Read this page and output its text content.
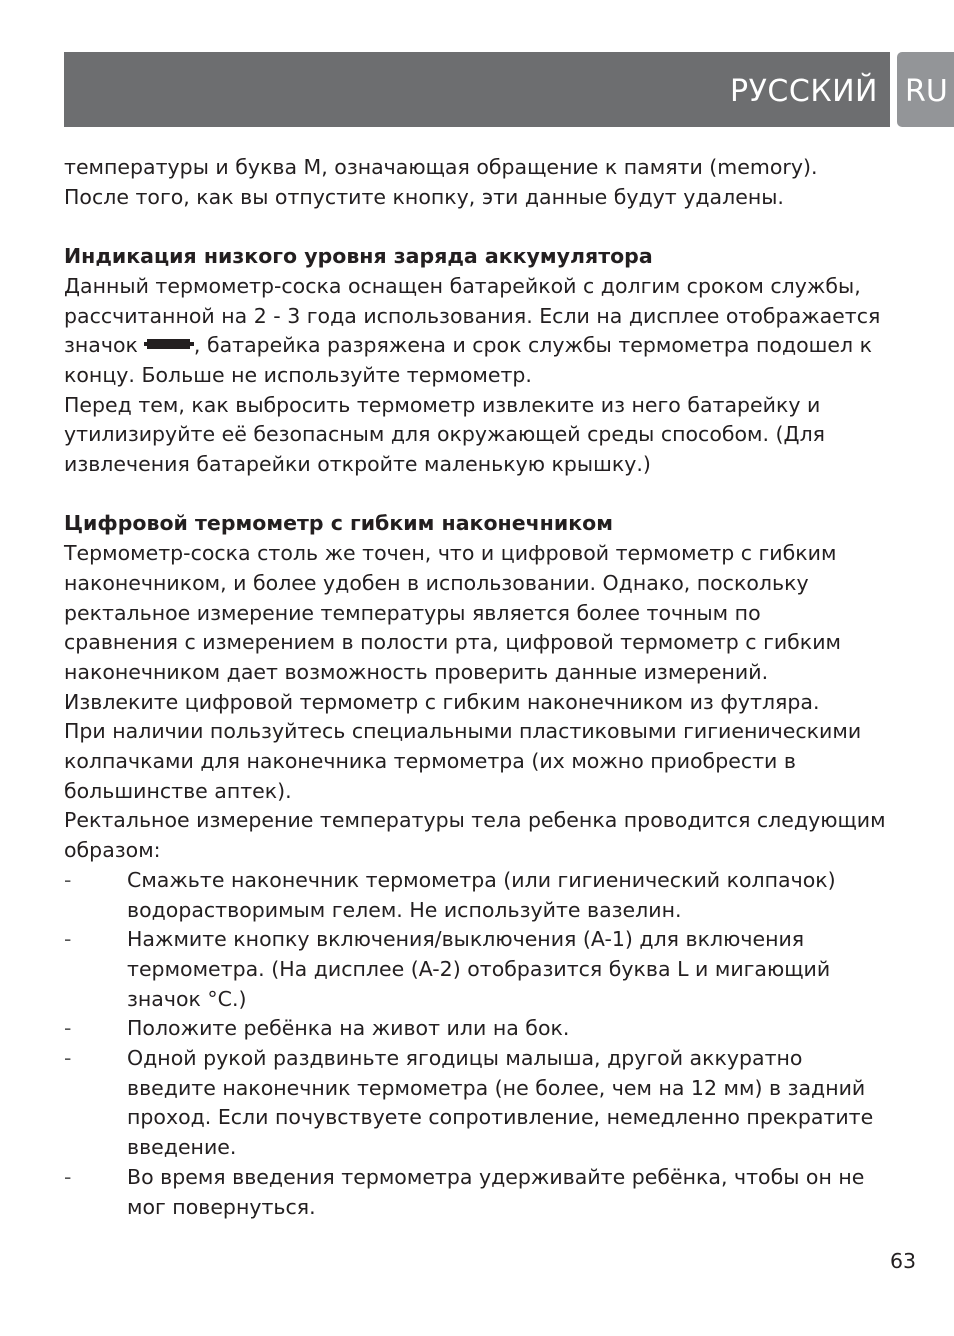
РУССКИЙ RU

температуры и буква M, означающая обращение к памяти (memory).

После того, как вы отпустите кнопку, эти данные будут удалены.

Индикация низкого уровня заряда аккумулятора

Данный термометр-соска оснащен батарейкой с долгим сроком службы,

рассчитанной на 2 - 3 года использования. Если на дисплее отображается

значок	, батарейка разряжена и срок службы термометра подошел к

концу. Больше не используйте термометр.

Перед тем, как выбросить термометр извлеките из него батарейку и

утилизируйте её безопасным для окружающей среды способом. (Для

извлечения батарейки откройте маленькую крышку.)

Цифровой термометр с гибким наконечником

Термометр-соска столь же точен, что и цифровой термометр с гибким

наконечником, и более удобен в использовании. Однако, поскольку

ректальное измерение температуры является более точным по

сравнения с измерением в полости рта, цифровой термометр с гибким

наконечником дает возможность проверить данные измерений.

Извлеките цифровой термометр с гибким наконечником из футляра.

При наличии пользуйтесь специальными пластиковыми гигиеническими

колпачками для наконечника термометра (их можно приобрести в

большинстве аптек).

Ректальное измерение температуры тела ребенка проводится следующим

образом:

-	Смажьте наконечник термометра (или гигиенический колпачок)

водорастворимым гелем. Не используйте вазелин.

-	Нажмите кнопку включения/выключения (A-1) для включения

термометра. (На дисплее (A-2) отобразится буква L и мигающий

значок °C.)

-	Положите ребёнка на живот или на бок.

-	Одной рукой раздвиньте ягодицы малыша, другой аккуратно

введите наконечник термометра (не более, чем на 12 мм) в задний

проход. Если почувствуете сопротивление, немедленно прекратите

введение.

-	Во время введения термометра удерживайте ребёнка, чтобы он не

мог повернуться.

63
